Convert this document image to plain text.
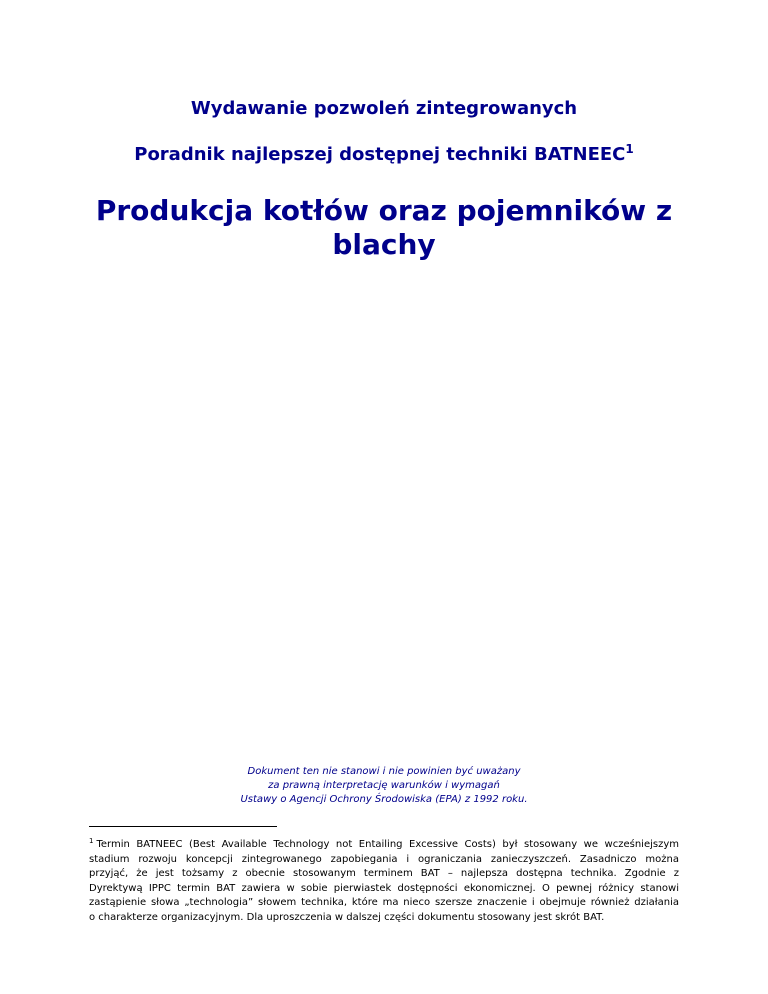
Wydawanie pozwoleń zintegrowanych
Poradnik najlepszej dostępnej techniki BATNEEC$^1$
Produkcja kotłów oraz pojemników z
blachy
Dokument ten nie stanowi i nie powinien być uważany
za prawną interpretację warunków i wymagań
Ustawy o Agencji Ochrony Środowiska (EPA) z 1992 roku.
$^1$ Termin BATNEEC (Best Available Technology not Entailing Excessive Costs) był stosowany we wcześniejszym
stadium rozwoju koncepcji zintegrowanego zapobiegania i ograniczania zanieczyszczeń. Zasadniczo można
przyjąć, że jest tożsamy z obecnie stosowanym terminem BAT – najlepsza dostępna technika. Zgodnie z
Dyrektywą IPPC termin BAT zawiera w sobie pierwiastek dostępności ekonomicznej. O pewnej różnicy stanowi
zastąpienie słowa „technologia” słowem technika, które ma nieco szersze znaczenie i obejmuje również działania
o charakterze organizacyjnym. Dla uproszczenia w dalszej części dokumentu stosowany jest skrót BAT.
